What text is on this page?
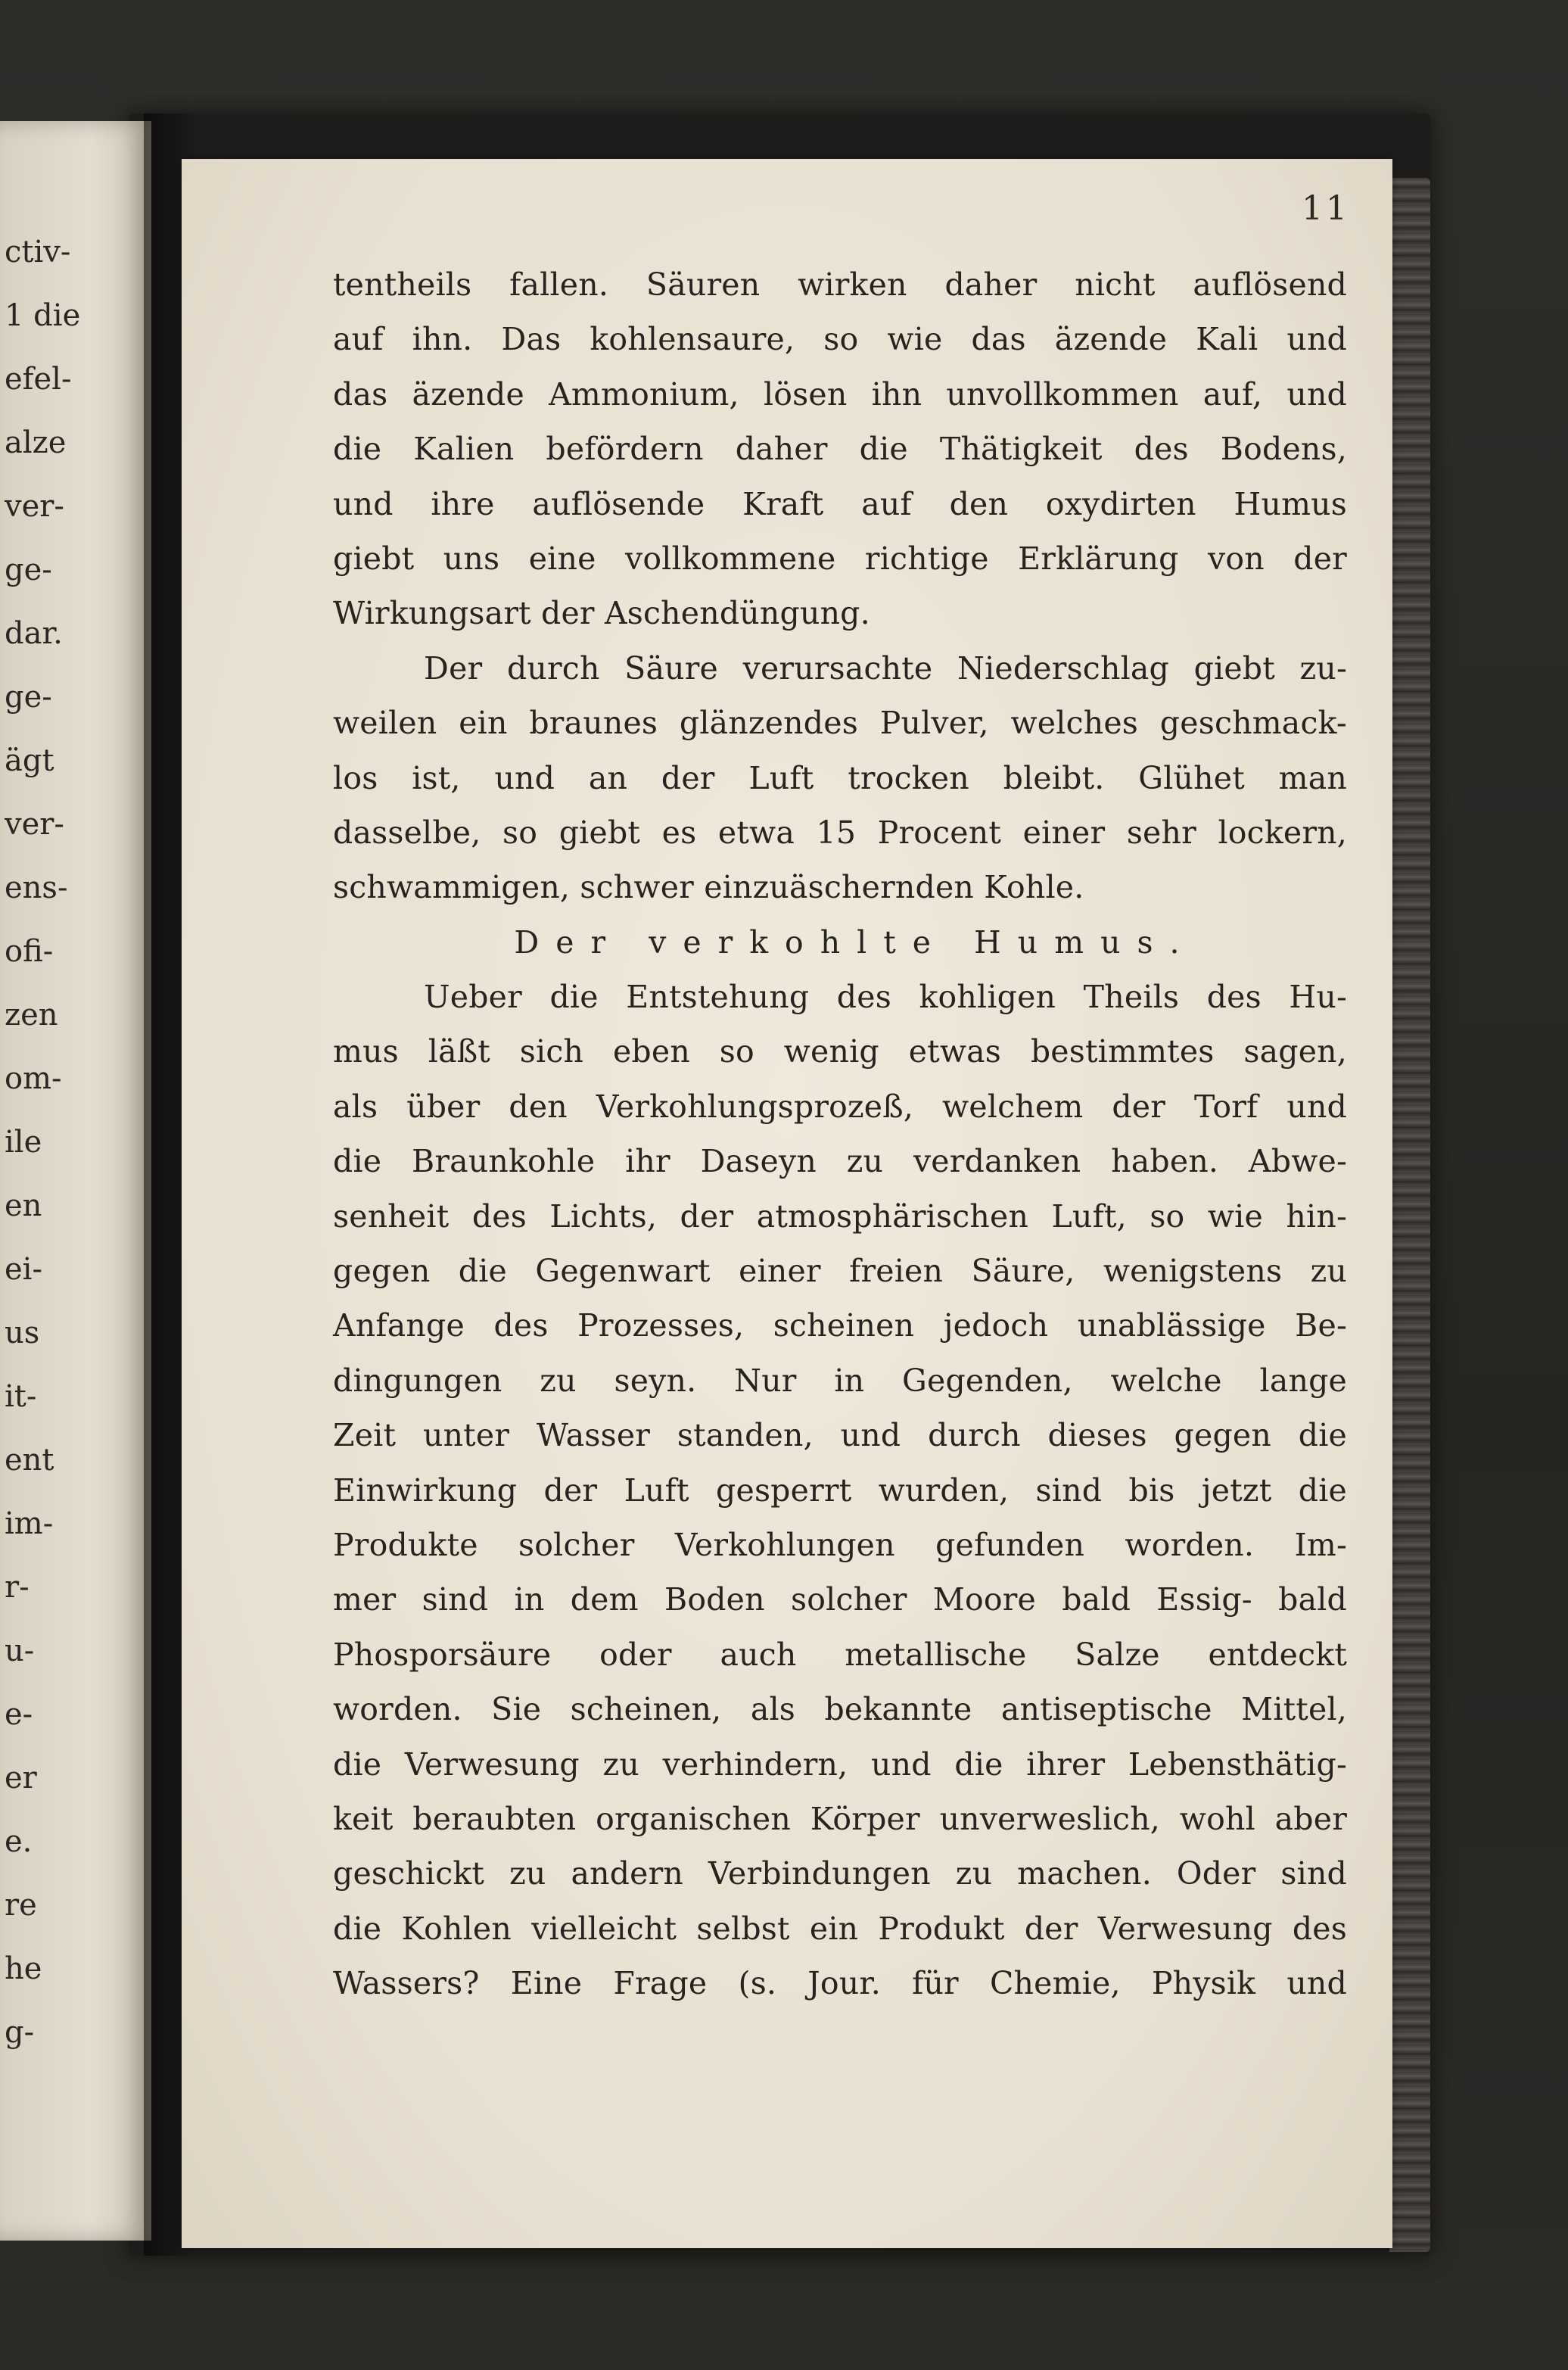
ctiv-
1 die
efel-
alze
ver-
ge-
dar.
ge-
ägt
ver-
ens-
ofi-
zen
om-
ile
en
ei-
us
it-
ent
im-
r-
u-
e-
er
e.
re
he
g-
11
tentheils fallen. Säuren wirken daher nicht auflösend
auf ihn. Das kohlensaure, so wie das äzende Kali und
das äzende Ammonium, lösen ihn unvollkommen auf, und
die Kalien befördern daher die Thätigkeit des Bodens,
und ihre auflösende Kraft auf den oxydirten Humus
giebt uns eine vollkommene richtige Erklärung von der
Wirkungsart der Aschendüngung.
Der durch Säure verursachte Niederschlag giebt zu-
weilen ein braunes glänzendes Pulver, welches geschmack-
los ist, und an der Luft trocken bleibt. Glühet man
dasselbe, so giebt es etwa 15 Procent einer sehr lockern,
schwammigen, schwer einzuäschernden Kohle.
Der verkohlte Humus.
Ueber die Entstehung des kohligen Theils des Hu-
mus läßt sich eben so wenig etwas bestimmtes sagen,
als über den Verkohlungsprozeß, welchem der Torf und
die Braunkohle ihr Daseyn zu verdanken haben. Abwe-
senheit des Lichts, der atmosphärischen Luft, so wie hin-
gegen die Gegenwart einer freien Säure, wenigstens zu
Anfange des Prozesses, scheinen jedoch unablässige Be-
dingungen zu seyn. Nur in Gegenden, welche lange
Zeit unter Wasser standen, und durch dieses gegen die
Einwirkung der Luft gesperrt wurden, sind bis jetzt die
Produkte solcher Verkohlungen gefunden worden. Im-
mer sind in dem Boden solcher Moore bald Essig- bald
Phosporsäure oder auch metallische Salze entdeckt
worden. Sie scheinen, als bekannte antiseptische Mittel,
die Verwesung zu verhindern, und die ihrer Lebensthätig-
keit beraubten organischen Körper unverweslich, wohl aber
geschickt zu andern Verbindungen zu machen. Oder sind
die Kohlen vielleicht selbst ein Produkt der Verwesung des
Wassers? Eine Frage (s. Jour. für Chemie, Physik und
